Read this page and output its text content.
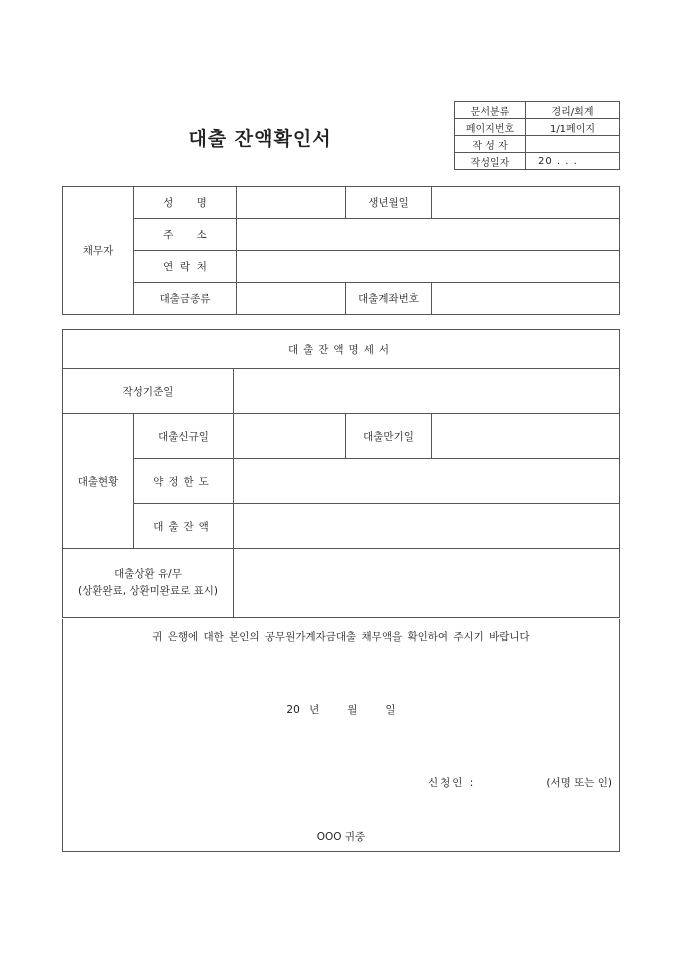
대출 잔액확인서
문서분류	경리/회계
페이지번호	1/1페이지
작 성 자	
작성일자	20 . . .
채무자	성       명		생년월일	
	주       소			
	연  락  처			
	대출금종류		대출계좌번호	
대출잔액명세서				
작성기준일				
대출현황	대출신규일		대출만기일	
	약정한도			
	대출잔액			

대출상환 유/무
(상환완료, 상환미완료로 표시)				

귀 은행에 대한 본인의 공무원가계자금대출 채무액을 확인하여 주시기 바랍니다
20 년   월   일
신청인 :	(서명 또는 인)
OOO 귀중
